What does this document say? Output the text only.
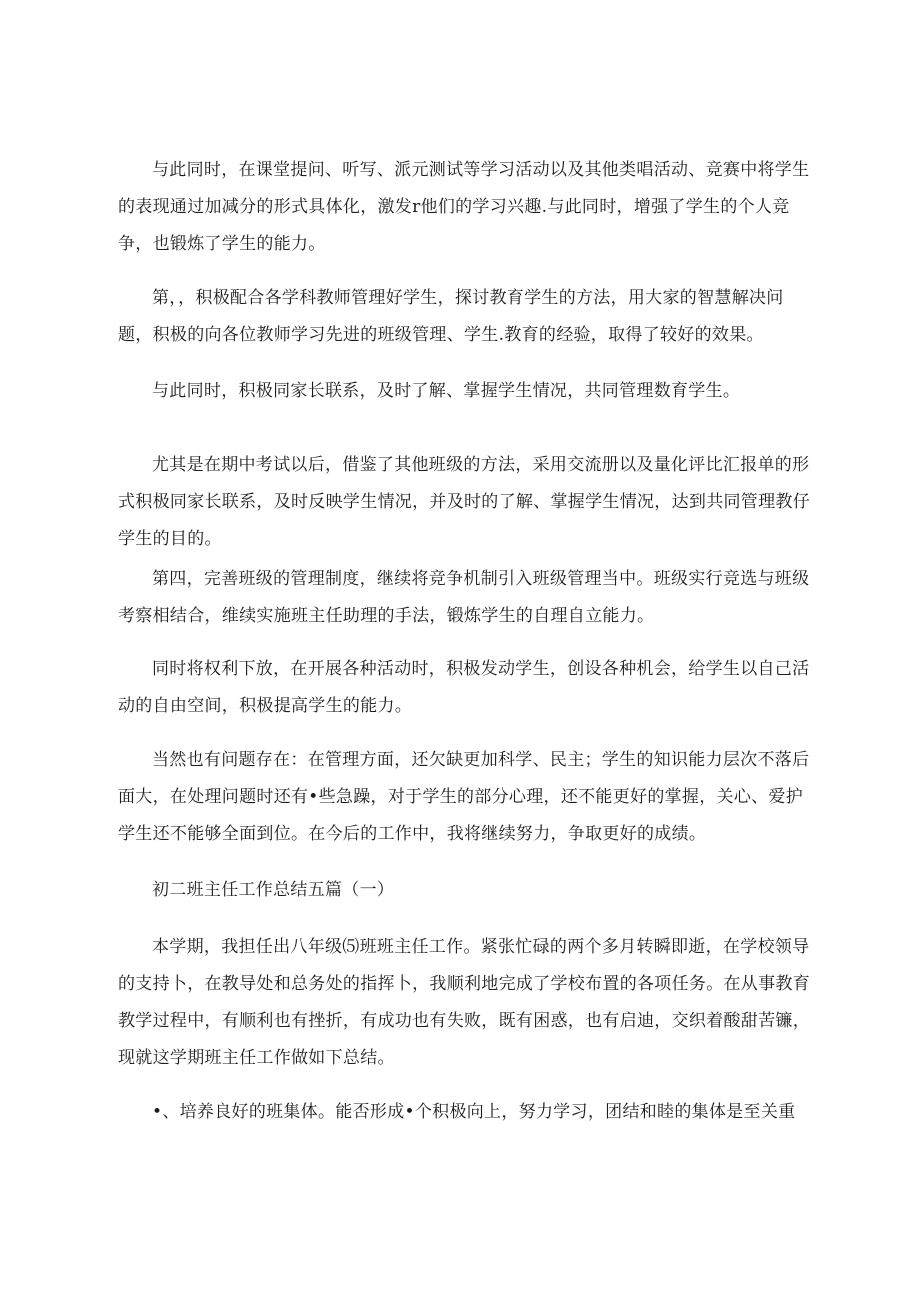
与此同时，在课堂提问、听写、派元测试等学习活动以及其他类唱活动、竞赛中将学生的表现通过加减分的形式具体化，激发r他们的学习兴趣.与此同时，增强了学生的个人竞争，也锻炼了学生的能力。

第，，积极配合各学科教师管理好学生，探讨教育学生的方法，用大家的智慧解决问题，积极的向各位教师学习先进的班级管理、学生.教育的经验，取得了较好的效果。

与此同时，积极同家长联系，及时了解、掌握学生情况，共同管理数育学生。

尤其是在期中考试以后，借鉴了其他班级的方法，采用交流册以及量化评比汇报单的形式积极同家长联系，及时反映学生情况，并及时的了解、掌握学生情况，达到共同管理教仔学生的目的。

第四，完善班级的管理制度，继续将竞争机制引入班级管理当中。班级实行竞选与班级考察相结合，维续实施班主任助理的手法，锻炼学生的自理自立能力。

同时将权利下放，在开展各种活动时，积极发动学生，创设各种机会，给学生以自己活动的自由空间，积极提高学生的能力。

当然也有问题存在：在管理方面，还欠缺更加科学、民主；学生的知识能力层次不落后面大，在处理问题时还有•些急躁，对于学生的部分心理，还不能更好的掌握，关心、爱护学生还不能够全面到位。在今后的工作中，我将继续努力，争取更好的成绩。

初二班主任工作总结五篇（一）

本学期，我担任出八年级⑸班班主任工作。紧张忙碌的两个多月转瞬即逝，在学校领导的支持卜，在教导处和总务处的指挥卜，我顺利地完成了学校布置的各项任务。在从事教育教学过程中，有顺利也有挫折，有成功也有失败，既有困惑，也有启迪，交织着酸甜苦镰，现就这学期班主任工作做如下总结。

•、培养良好的班集体。能否形成•个积极向上，努力学习，团结和睦的集体是至关重
